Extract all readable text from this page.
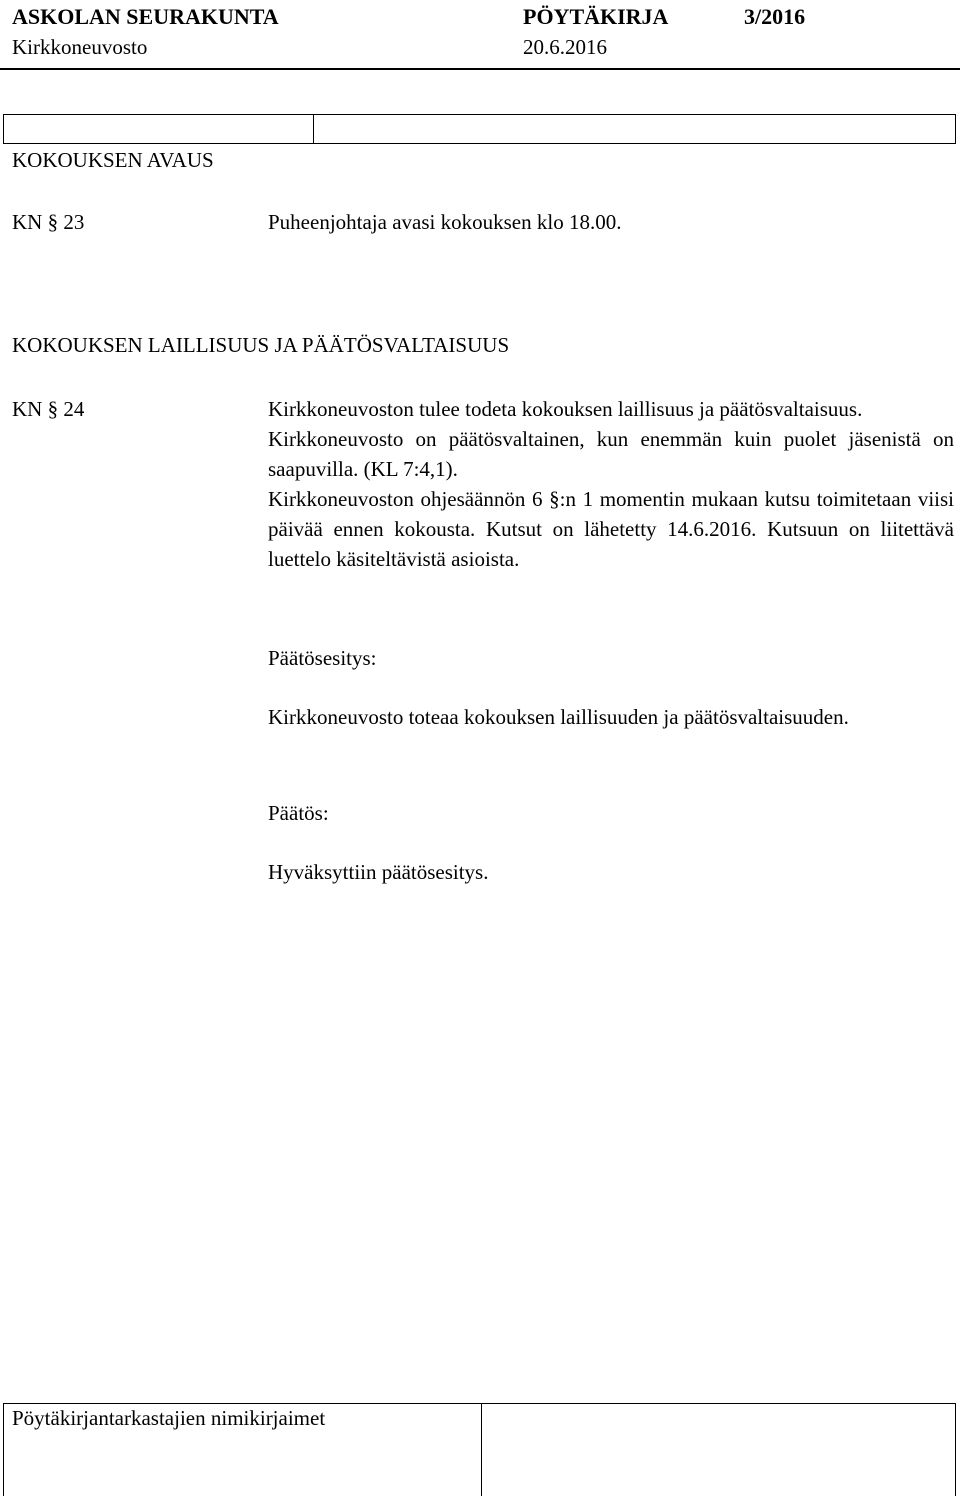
ASKOLAN SEURAKUNTA	PÖYTÄKIRJA	3/2016
Kirkkoneuvosto	20.6.2016
KOKOUKSEN AVAUS
KN § 23	Puheenjohtaja avasi kokouksen klo 18.00.
KOKOUKSEN LAILLISUUS JA PÄÄTÖSVALTAISUUS
KN § 24	Kirkkoneuvoston tulee todeta kokouksen laillisuus ja päätösvaltaisuus.
Kirkkoneuvosto on päätösvaltainen, kun enemmän kuin puolet jäsenistä on saapuvilla. (KL 7:4,1).
Kirkkoneuvoston ohjesäännön 6 §:n 1 momentin mukaan kutsu toimitetaan viisi päivää ennen kokousta. Kutsut on lähetetty 14.6.2016. Kutsuun on liitettävä luettelo käsiteltävistä asioista.
Päätösesitys:
Kirkkoneuvosto toteaa kokouksen laillisuuden ja päätösvaltaisuuden.
Päätös:
Hyväksyttiin päätösesitys.
Pöytäkirjantarkastajien nimikirjaimet
